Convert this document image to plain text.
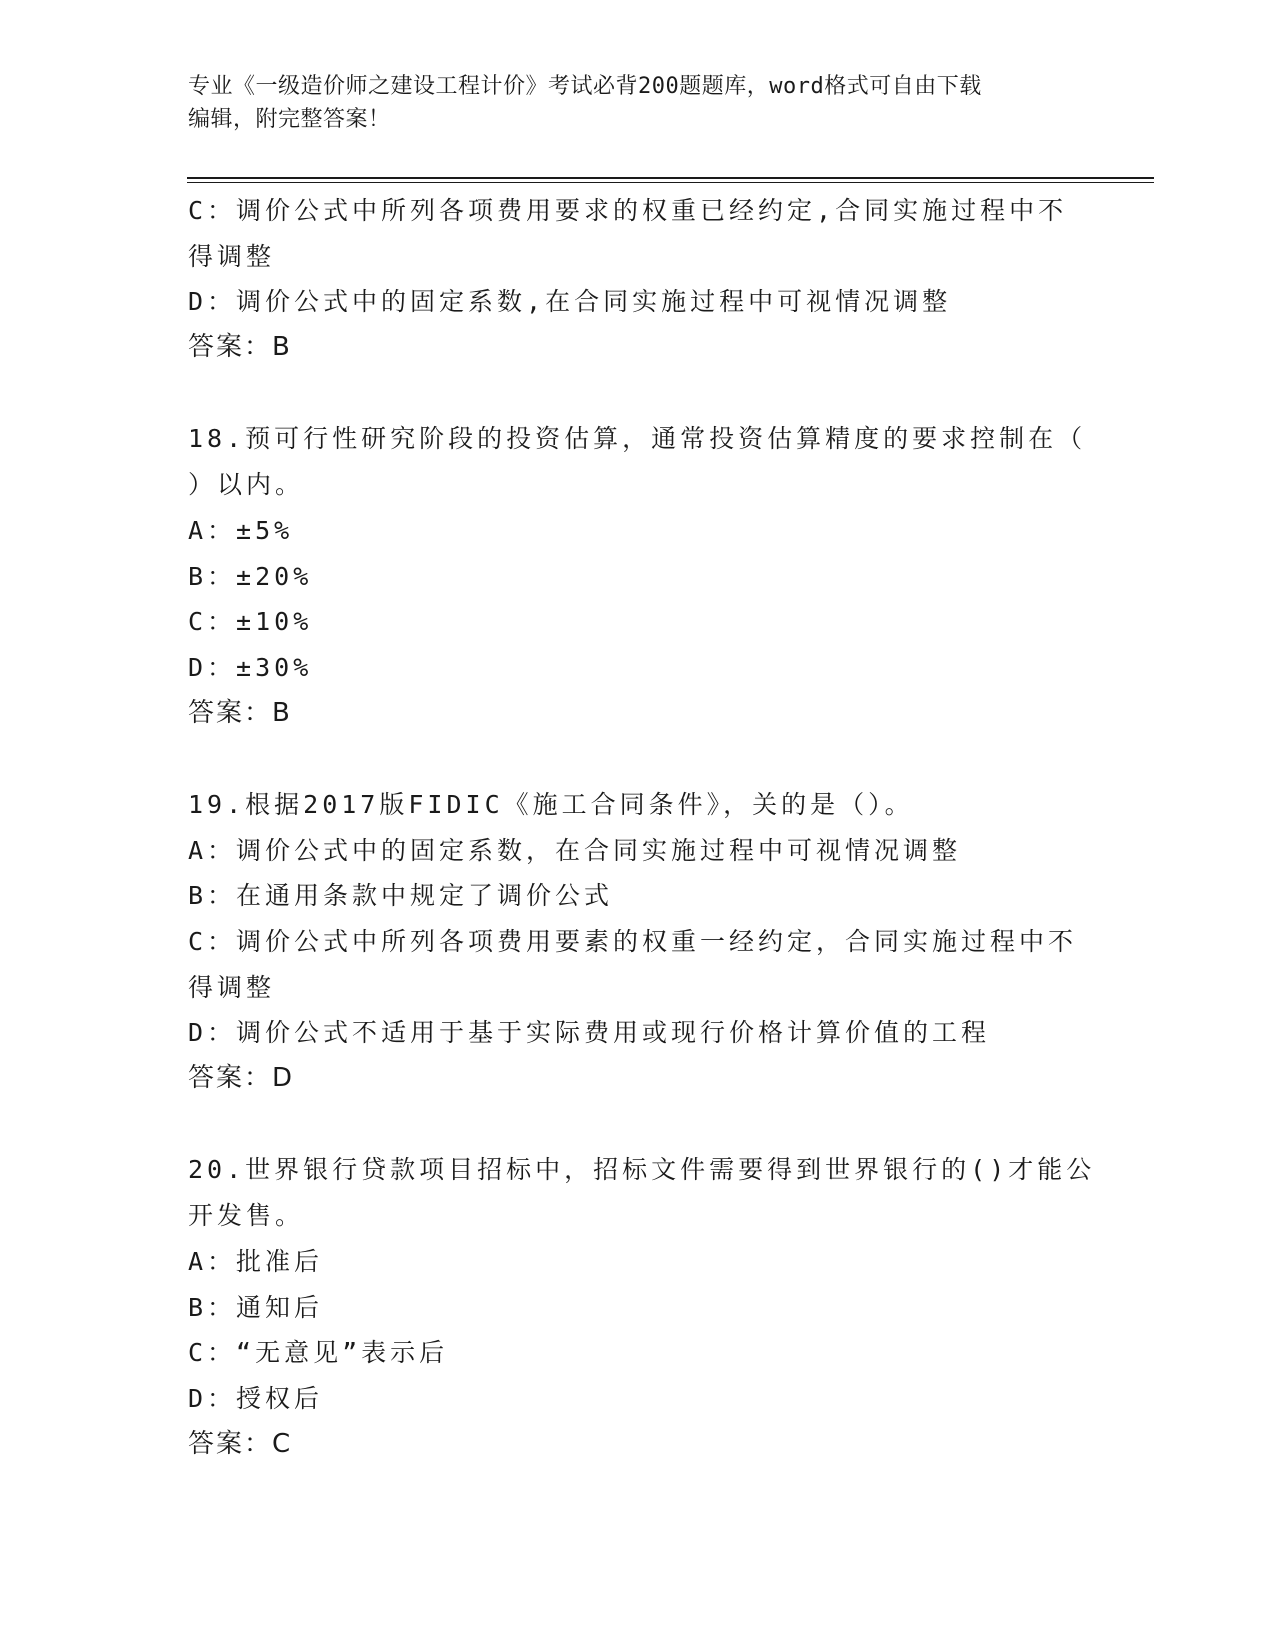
专业《一级造价师之建设工程计价》考试必背200题题库，word格式可自由下载
编辑，附完整答案！
C：调价公式中所列各项费用要求的权重已经约定,合同实施过程中不
得调整
D：调价公式中的固定系数,在合同实施过程中可视情况调整
答案：B
18.预可行性研究阶段的投资估算，通常投资估算精度的要求控制在（
）以内。
A：±5%
B：±20%
C：±10%
D：±30%
答案：B
19.根据2017版FIDIC《施工合同条件》，关的是（）。
A：调价公式中的固定系数，在合同实施过程中可视情况调整
B：在通用条款中规定了调价公式
C：调价公式中所列各项费用要素的权重一经约定，合同实施过程中不
得调整
D：调价公式不适用于基于实际费用或现行价格计算价值的工程
答案：D
20.世界银行贷款项目招标中，招标文件需要得到世界银行的()才能公
开发售。
A：批准后
B：通知后
C：“无意见”表示后
D：授权后
答案：C
